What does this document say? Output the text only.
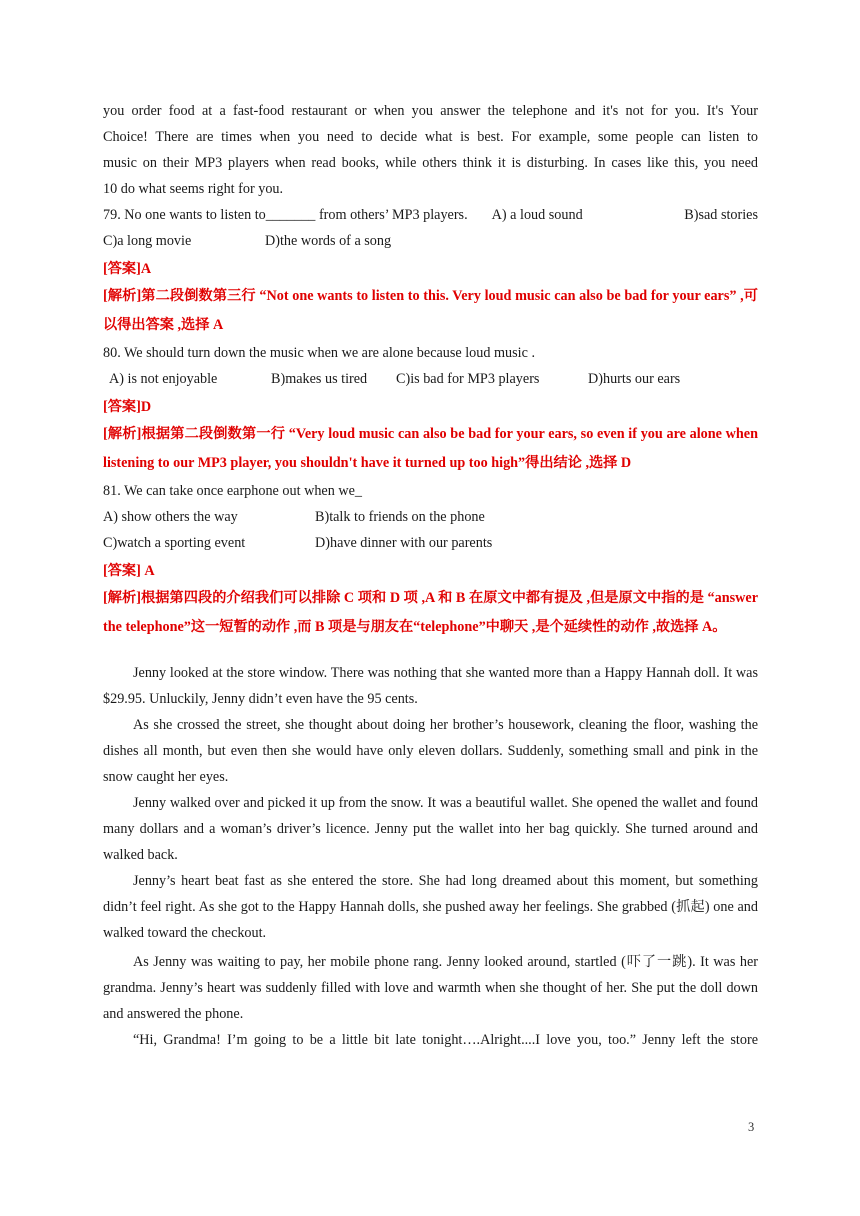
you order food at a fast-food restaurant or when you answer the telephone and it's not for you. It's Your

Choice! There are times when you need to decide what is best. For example, some people can listen to

music on their MP3 players when read books, while others think it is disturbing. In cases like this, you need

10 do what seems right for you.

79. No one wants to listen to_______ from others’ MP3 players. A) a loud sound	B)sad stories
C)a long movie	D)the words of a song

[答案]A

[解析]第二段倒数第三行 “Not one wants to listen to this. Very loud music can also be bad for your ears” ,可以得出答案 ,选择 A

80. We should turn down the music when we are alone because loud music .

A) is not enjoyable	B)makes us tired	C)is bad for MP3 players	D)hurts our ears

[答案]D

[解析]根据第二段倒数第一行 “Very loud music can also be bad for your ears, so even if you are alone when listening to our MP3 player, you shouldn't have it turned up too high”得出结论 ,选择 D

81. We can take once earphone out when we_

A) show others the way	B)talk to friends on the phone
C)watch a sporting event	D)have dinner with our parents

[答案] A

[解析]根据第四段的介绍我们可以排除 C 项和 D 项 ,A 和 B 在原文中都有提及 ,但是原文中指的是 “answer the telephone”这一短暂的动作 ,而 B 项是与朋友在“telephone”中聊天 ,是个延续性的动作 ,故选择 A。

Jenny looked at the store window. There was nothing that she wanted more than a Happy Hannah doll. It was $29.95. Unluckily, Jenny didn’t even have the 95 cents.

As she crossed the street, she thought about doing her brother’s housework, cleaning the floor, washing the dishes all month, but even then she would have only eleven dollars. Suddenly, something small and pink in the snow caught her eyes.

Jenny walked over and picked it up from the snow. It was a beautiful wallet. She opened the wallet and found many dollars and a woman’s driver’s licence. Jenny put the wallet into her bag quickly. She turned around and walked back.

Jenny’s heart beat fast as she entered the store. She had long dreamed about this moment, but something didn’t feel right. As she got to the Happy Hannah dolls, she pushed away her feelings. She grabbed (抓起) one and walked toward the checkout.

As Jenny was waiting to pay, her mobile phone rang. Jenny looked around, startled (吓了一跳). It was her grandma. Jenny’s heart was suddenly filled with love and warmth when she thought of her. She put the doll down and answered the phone.

“Hi, Grandma! I’m going to be a little bit late tonight….Alright....I love you, too.” Jenny left the store

3
